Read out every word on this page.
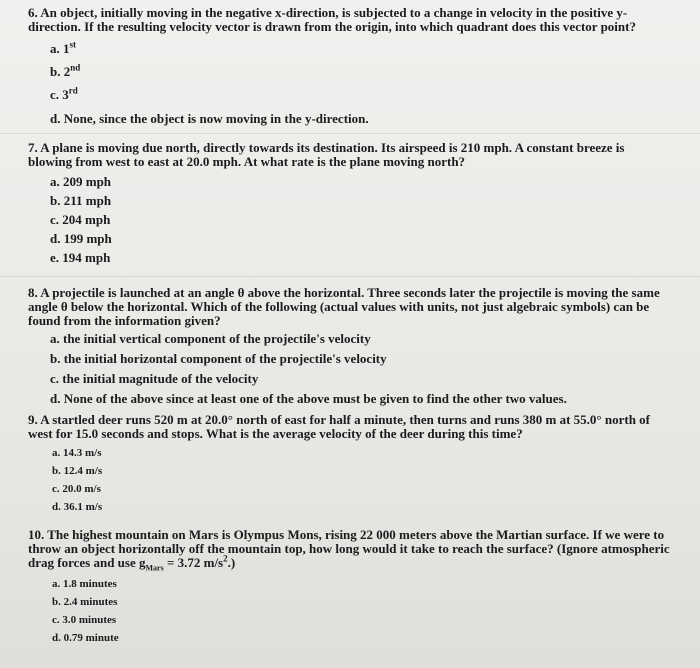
6. An object, initially moving in the negative x-direction, is subjected to a change in velocity in the positive y-direction. If the resulting velocity vector is drawn from the origin, into which quadrant does this vector point?
a. 1st
b. 2nd
c. 3rd
d. None, since the object is now moving in the y-direction.
7. A plane is moving due north, directly towards its destination. Its airspeed is 210 mph. A constant breeze is blowing from west to east at 20.0 mph. At what rate is the plane moving north?
a. 209 mph
b. 211 mph
c. 204 mph
d. 199 mph
e. 194 mph
8. A projectile is launched at an angle θ above the horizontal. Three seconds later the projectile is moving the same angle θ below the horizontal. Which of the following (actual values with units, not just algebraic symbols) can be found from the information given?
a. the initial vertical component of the projectile's velocity
b. the initial horizontal component of the projectile's velocity
c. the initial magnitude of the velocity
d. None of the above since at least one of the above must be given to find the other two values.
9. A startled deer runs 520 m at 20.0° north of east for half a minute, then turns and runs 380 m at 55.0° north of west for 15.0 seconds and stops. What is the average velocity of the deer during this time?
a. 14.3 m/s
b. 12.4 m/s
c. 20.0 m/s
d. 36.1 m/s
10. The highest mountain on Mars is Olympus Mons, rising 22 000 meters above the Martian surface. If we were to throw an object horizontally off the mountain top, how long would it take to reach the surface? (Ignore atmospheric drag forces and use $g_{Mars} = 3.72$ $m/s^2$.)
a. 1.8 minutes
b. 2.4 minutes
c. 3.0 minutes
d. 0.79 minute
